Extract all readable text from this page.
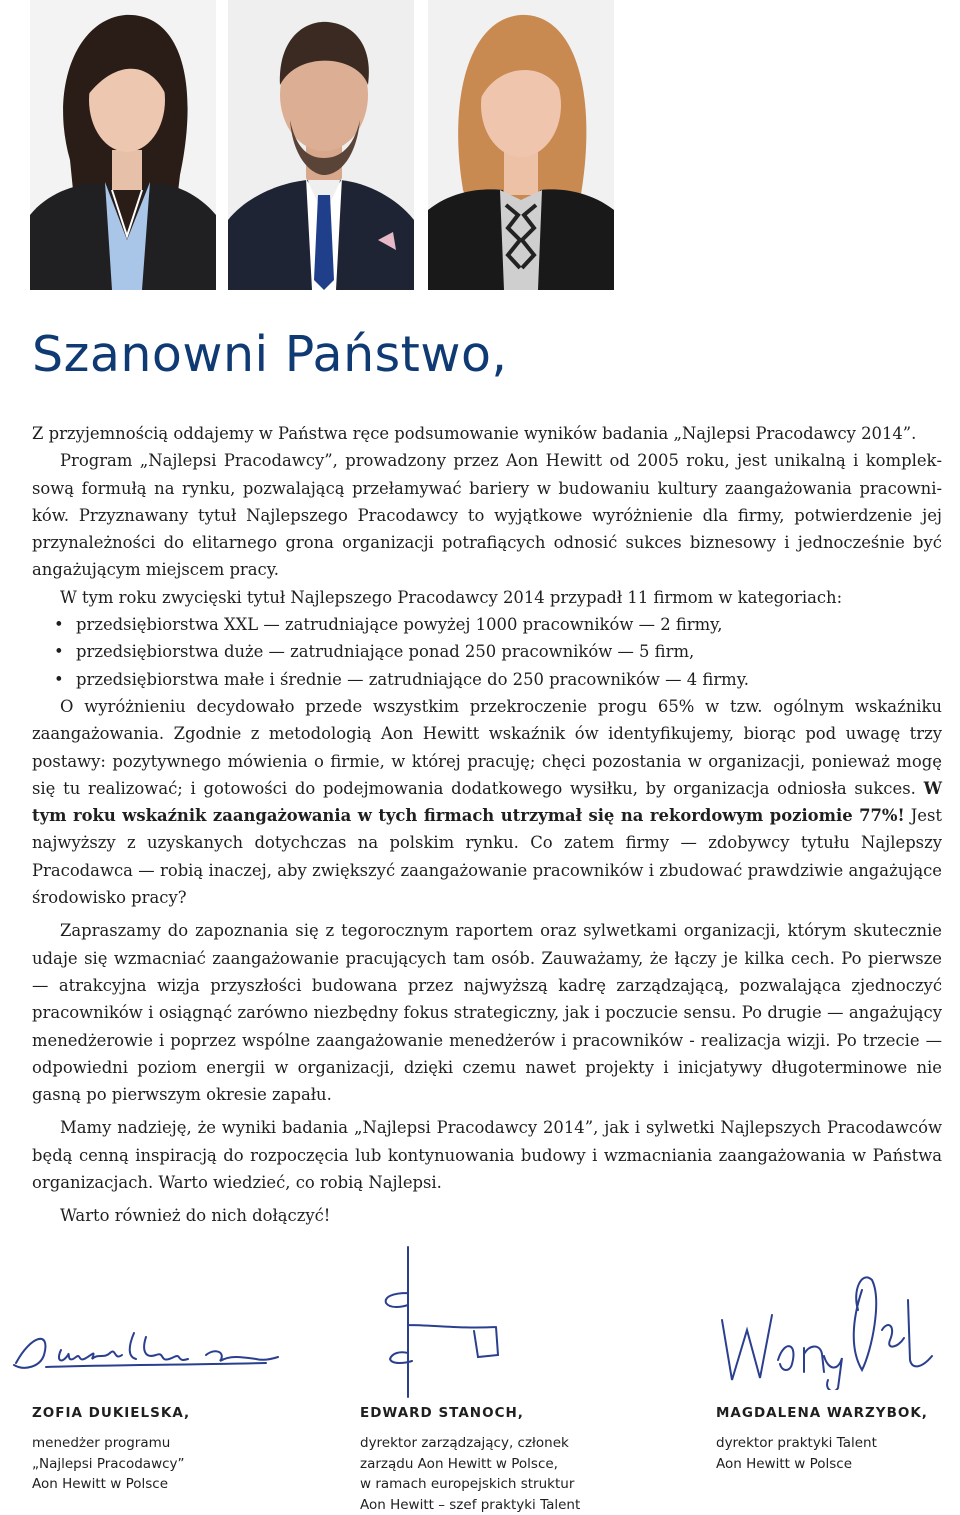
Szanowni Państwo,

Z przyjemnością oddajemy w Państwa ręce podsumowanie wyników badania „Najlepsi Pracodawcy 2014”.

Program „Najlepsi Pracodawcy”, prowadzony przez Aon Hewitt od 2005 roku, jest unikalną i kompleksową formułą na rynku, pozwalającą przełamywać bariery w budowaniu kultury zaangażowania pracowników. Przyznawany tytuł Najlepszego Pracodawcy to wyjątkowe wyróżnienie dla firmy, potwierdzenie jej przynależności do elitarnego grona organizacji potrafiących odnosić sukces biznesowy i jednocześnie być angażującym miejscem pracy.

W tym roku zwycięski tytuł Najlepszego Pracodawcy 2014 przypadł 11 firmom w kategoriach:

• przedsiębiorstwa XXL — zatrudniające powyżej 1000 pracowników — 2 firmy,
• przedsiębiorstwa duże — zatrudniające ponad 250 pracowników — 5 firm,
• przedsiębiorstwa małe i średnie — zatrudniające do 250 pracowników — 4 firmy.

O wyróżnieniu decydowało przede wszystkim przekroczenie progu 65% w tzw. ogólnym wskaźniku zaangażowania. Zgodnie z metodologią Aon Hewitt wskaźnik ów identyfikujemy, biorąc pod uwagę trzy postawy: pozytywnego mówienia o firmie, w której pracuję; chęci pozostania w organizacji, ponieważ mogę się tu realizować; i gotowości do podejmowania dodatkowego wysiłku, by organizacja odniosła sukces. W tym roku wskaźnik zaangażowania w tych firmach utrzymał się na rekordowym poziomie 77%! Jest najwyższy z uzyskanych dotychczas na polskim rynku. Co zatem firmy — zdobywcy tytułu Najlepszy Pracodawca — robią inaczej, aby zwiększyć zaangażowanie pracowników i zbudować prawdziwie angażujące środowisko pracy?

Zapraszamy do zapoznania się z tegorocznym raportem oraz sylwetkami organizacji, którym skutecznie udaje się wzmacniać zaangażowanie pracujących tam osób. Zauważamy, że łączy je kilka cech. Po pierwsze — atrakcyjna wizja przyszłości budowana przez najwyższą kadrę zarządzającą, pozwalająca zjednoczyć pracowników i osiągnąć zarówno niezbędny fokus strategiczny, jak i poczucie sensu. Po drugie — angażujący menedżerowie i poprzez wspólne zaangażowanie menedżerów i pracowników - realizacja wizji. Po trzecie — odpowiedni poziom energii w organizacji, dzięki czemu nawet projekty i inicjatywy długoterminowe nie gasną po pierwszym okresie zapału.

Mamy nadzieję, że wyniki badania „Najlepsi Pracodawcy 2014”, jak i sylwetki Najlepszych Pracodawców będą cenną inspiracją do rozpoczęcia lub kontynuowania budowy i wzmacniania zaangażowania w Państwa organizacjach. Warto wiedzieć, co robią Najlepsi.

Warto również do nich dołączyć!

ZOFIA DUKIELSKA,
menedżer programu
„Najlepsi Pracodawcy”
Aon Hewitt w Polsce
EDWARD STANOCH,
dyrektor zarządzający, członek
zarządu Aon Hewitt w Polsce,
w ramach europejskich struktur
Aon Hewitt – szef praktyki Talent
MAGDALENA WARZYBOK,
dyrektor praktyki Talent
Aon Hewitt w Polsce
